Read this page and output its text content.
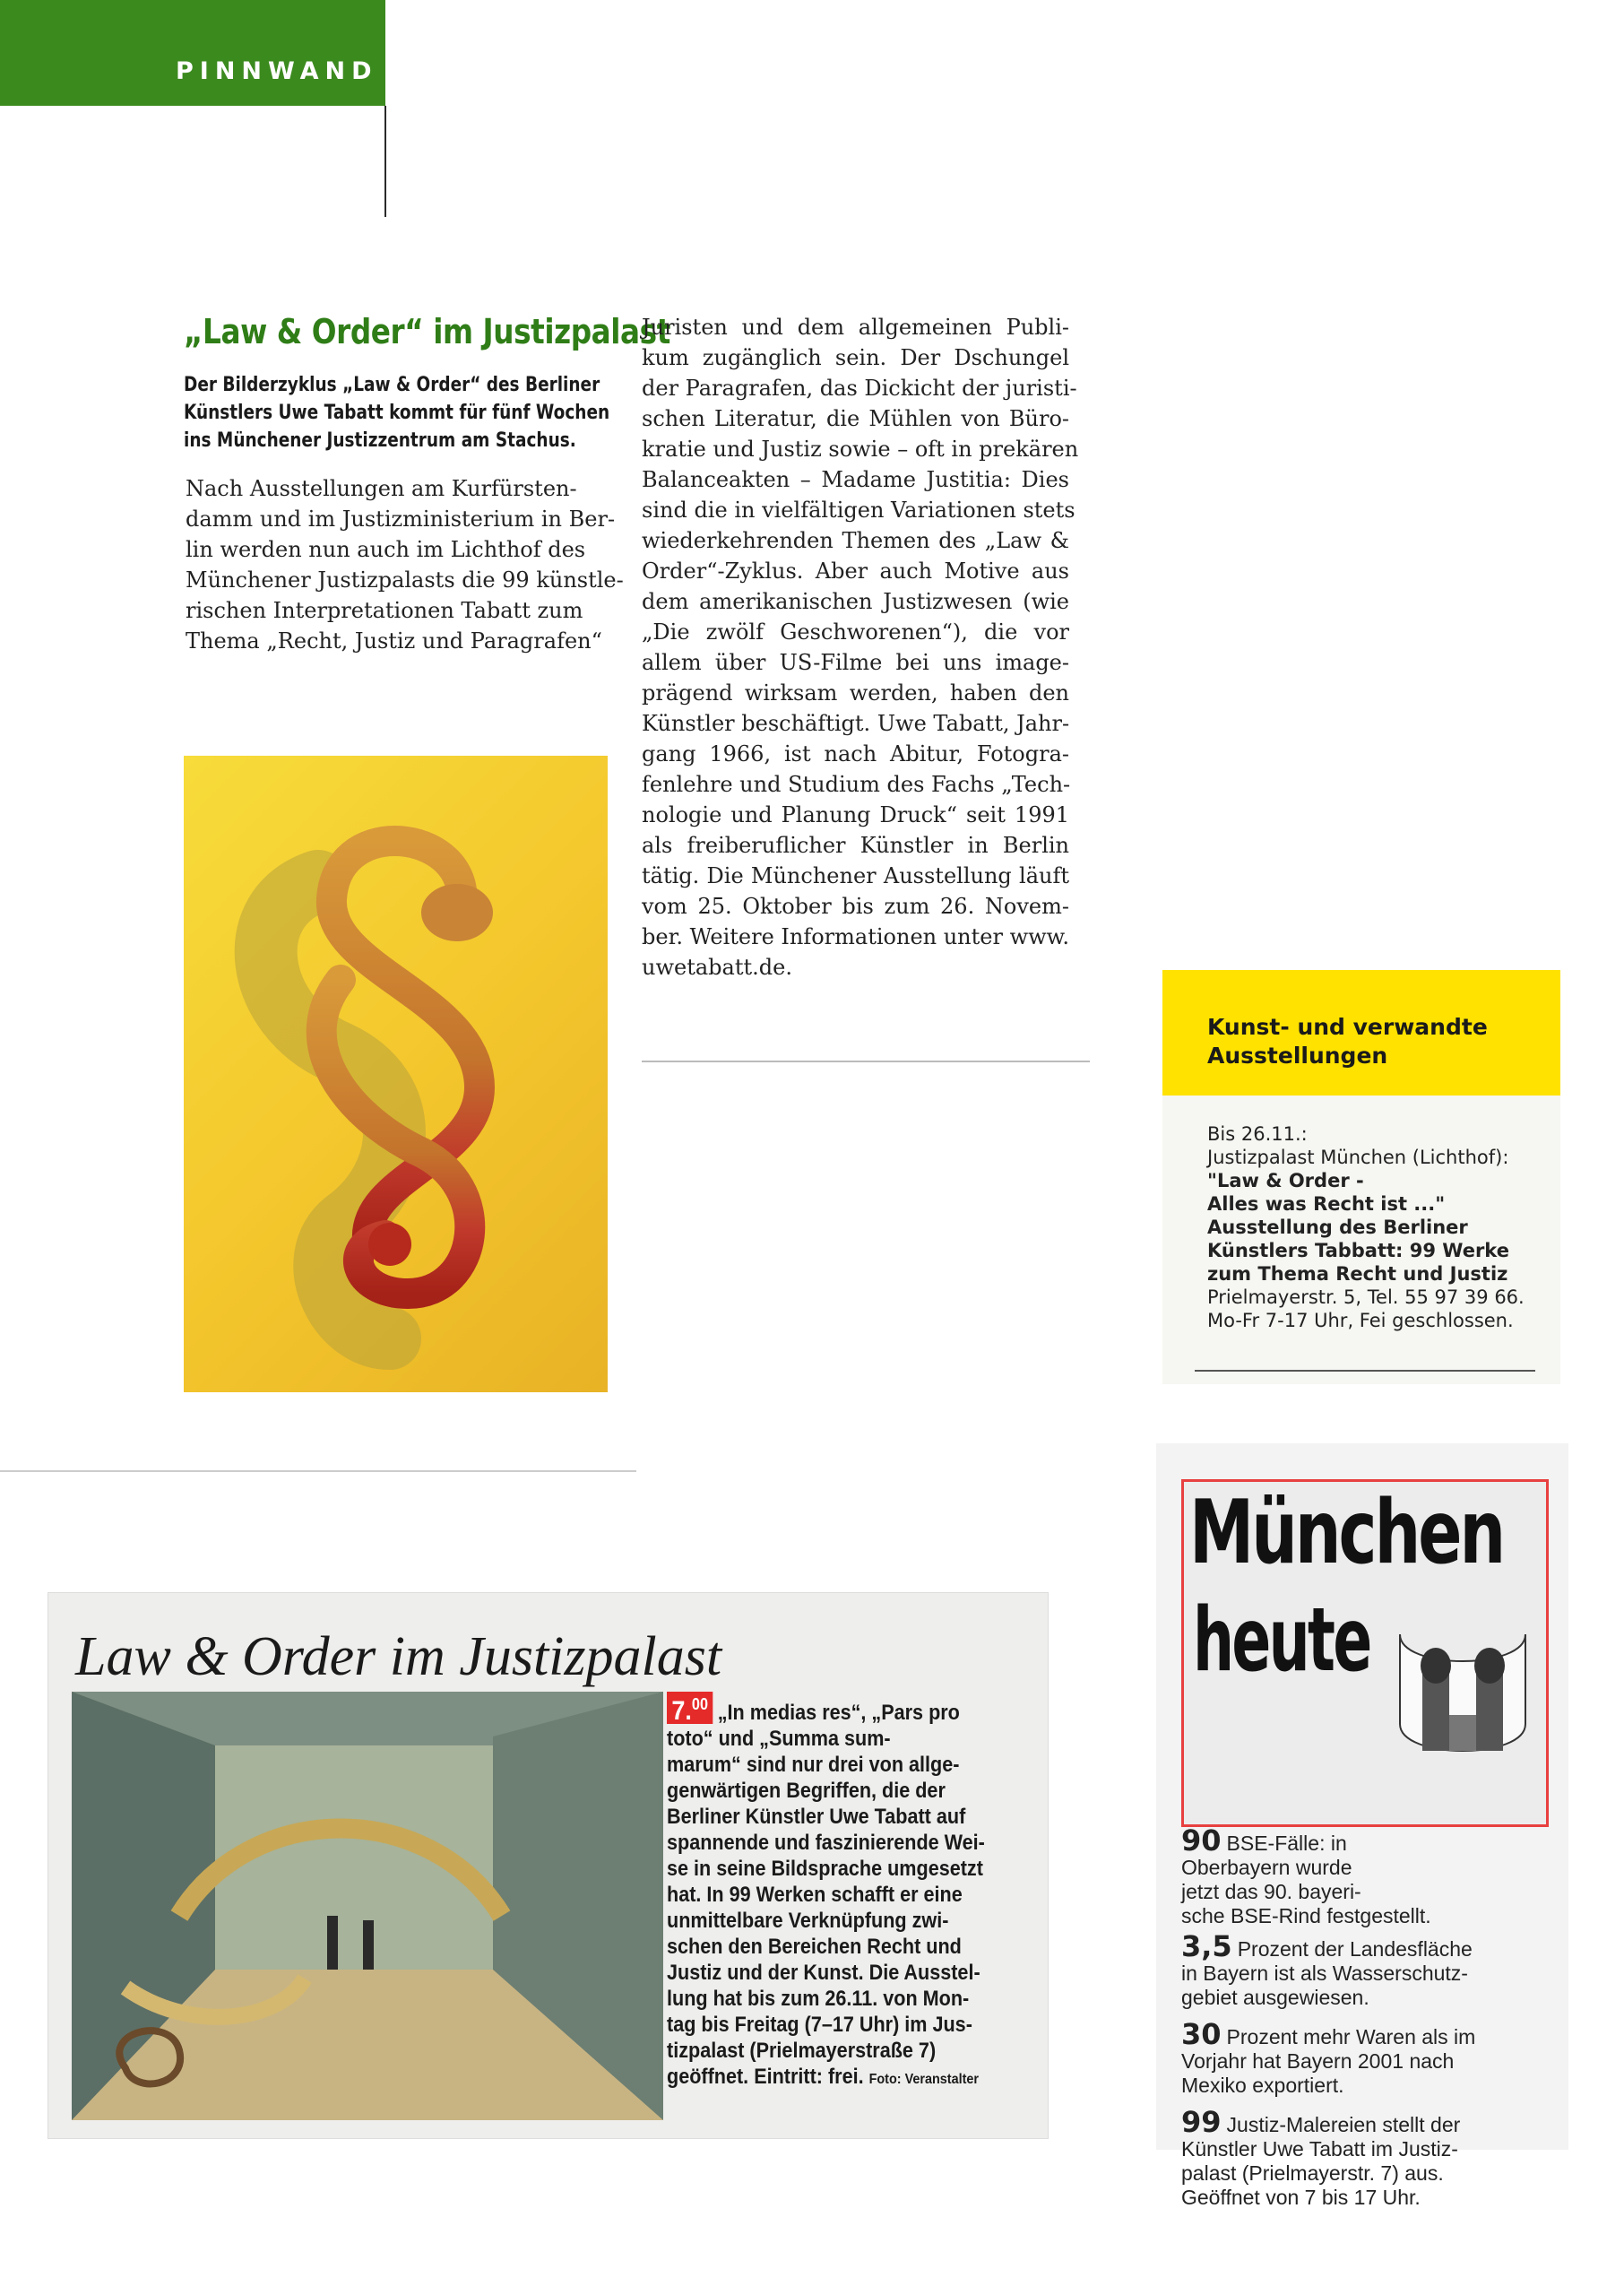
PINNWAND
„Law & Order“ im Justizpalast
Der Bilderzyklus „Law & Order“ des Berliner
Künstlers Uwe Tabatt kommt für fünf Wochen
ins Münchener Justizzentrum am Stachus.
Nach Ausstellungen am Kurfürsten-
damm und im Justizministerium in Ber-
lin werden nun auch im Lichthof des
Münchener Justizpalasts die 99 künstle-
rischen Interpretationen Tabatt zum
Thema „Recht, Justiz und Paragrafen“
Juristen und dem allgemeinen Publi-
kum zugänglich sein. Der Dschungel
der Paragrafen, das Dickicht der juristi-
schen Literatur, die Mühlen von Büro-
kratie und Justiz sowie – oft in prekären
Balanceakten – Madame Justitia: Dies
sind die in vielfältigen Variationen stets
wiederkehrenden Themen des „Law &
Order“-Zyklus. Aber auch Motive aus
dem amerikanischen Justizwesen (wie
„Die zwölf Geschworenen“), die vor
allem über US-Filme bei uns image-
prägend wirksam werden, haben den
Künstler beschäftigt. Uwe Tabatt, Jahr-
gang 1966, ist nach Abitur, Fotogra-
fenlehre und Studium des Fachs „Tech-
nologie und Planung Druck“ seit 1991
als freiberuflicher Künstler in Berlin
tätig. Die Münchener Ausstellung läuft
vom 25. Oktober bis zum 26. Novem-
ber. Weitere Informationen unter www.
uwetabatt.de.
Kunst- und verwandte
Ausstellungen
Bis 26.11.:
Justizpalast München (Lichthof):
"Law & Order -
Alles was Recht ist ..."
Ausstellung des Berliner
Künstlers Tabbatt: 99 Werke
zum Thema Recht und Justiz
Prielmayerstr. 5, Tel. 55 97 39 66.
Mo-Fr 7-17 Uhr, Fei geschlossen.
Law & Order im Justizpalast
7.00 „In medias res“, „Pars pro
toto“ und „Summa sum-
marum“ sind nur drei von allge-
genwärtigen Begriffen, die der
Berliner Künstler Uwe Tabatt auf
spannende und faszinierende Wei-
se in seine Bildsprache umgesetzt
hat. In 99 Werken schafft er eine
unmittelbare Verknüpfung zwi-
schen den Bereichen Recht und
Justiz und der Kunst. Die Ausstel-
lung hat bis zum 26.11. von Mon-
tag bis Freitag (7–17 Uhr) im Jus-
tizpalast (Prielmayerstraße 7)
geöffnet. Eintritt: frei. Foto: Veranstalter
München
heute
90 BSE-Fälle: in
Oberbayern wurde
jetzt das 90. bayeri-
sche BSE-Rind festgestellt.
3,5 Prozent der Landesfläche
in Bayern ist als Wasserschutz-
gebiet ausgewiesen.
30 Prozent mehr Waren als im
Vorjahr hat Bayern 2001 nach
Mexiko exportiert.
99 Justiz-Malereien stellt der
Künstler Uwe Tabatt im Justiz-
palast (Prielmayerstr. 7) aus.
Geöffnet von 7 bis 17 Uhr.
